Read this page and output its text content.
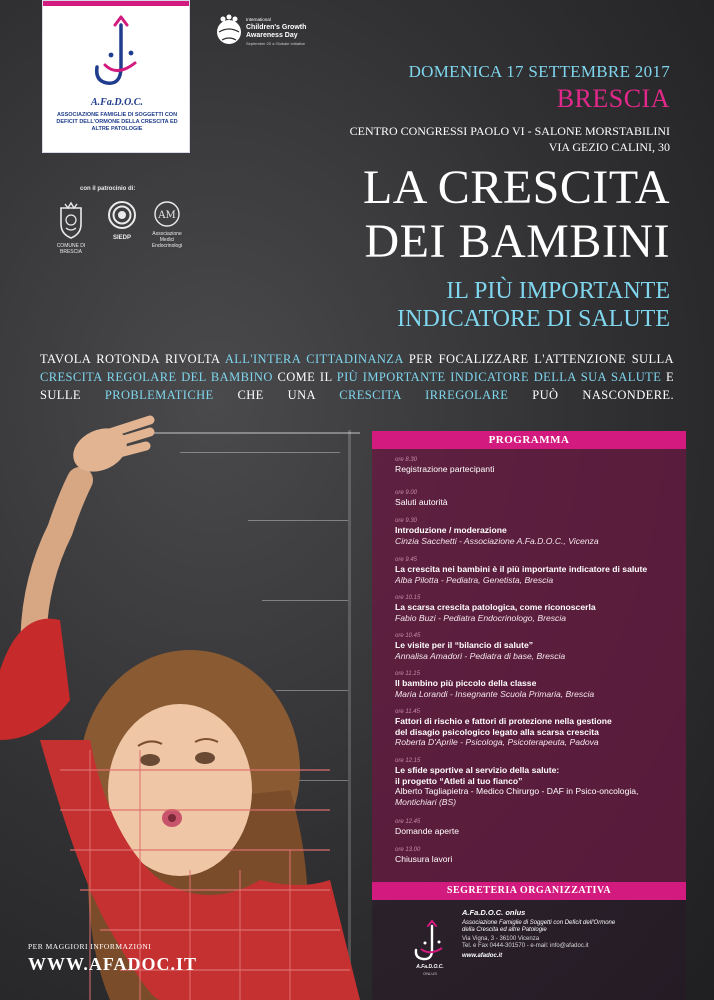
A.Fa.D.O.C.
ASSOCIAZIONE FAMIGLIE DI SOGGETTI CON DEFICIT DELL'ORMONE DELLA CRESCITA ED ALTRE PATOLOGIE
con il patrocinio di:
COMUNE DI BRESCIA
SIEDP
AM
Associazione Medici Endocrinologi
International
Children's Growth
Awareness Day
September 20 a Globale Initiative
DOMENICA 17 SETTEMBRE 2017
BRESCIA
CENTRO CONGRESSI PAOLO VI - SALONE MORSTABILINI
VIA GEZIO CALINI, 30
LA CRESCITA
DEI BAMBINI
IL PIÙ IMPORTANTE
INDICATORE DI SALUTE
TAVOLA ROTONDA RIVOLTA ALL'INTERA CITTADINANZA PER FOCALIZZARE L'ATTENZIONE SULLA CRESCITA REGOLARE DEL BAMBINO COME IL PIÙ IMPORTANTE INDICATORE DELLA SUA SALUTE E SULLE PROBLEMATICHE CHE UNA CRESCITA IRREGOLARE PUÒ NASCONDERE.
PROGRAMMA
ore 8.30
Registrazione partecipanti
ore 9.00
Saluti autorità
ore 9.30
Introduzione / moderazione
Cinzia Sacchetti - Associazione A.Fa.D.O.C., Vicenza
ore 9.45
La crescita nei bambini è il più importante indicatore di salute
Alba Pilotta - Pediatra, Genetista, Brescia
ore 10.15
La scarsa crescita patologica, come riconoscerla
Fabio Buzi - Pediatra Endocrinologo, Brescia
ore 10.45
Le visite per il “bilancio di salute”
Annalisa Amadori - Pediatra di base, Brescia
ore 11.15
Il bambino più piccolo della classe
Maria Lorandi - Insegnante Scuola Primaria, Brescia
ore 11.45
Fattori di rischio e fattori di protezione nella gestione
del disagio psicologico legato alla scarsa crescita
Roberta D'Aprile - Psicologa, Psicoterapeuta, Padova
ore 12.15
Le sfide sportive al servizio della salute:
il progetto “Atleti al tuo fianco”
Alberto Tagliapietra - Medico Chirurgo - DAF in Psico-oncologia,
Montichiari (BS)
ore 12.45
Domande aperte
ore 13.00
Chiusura lavori
SEGRETERIA ORGANIZZATIVA
A.Fa.D.O.C.
ONLUS
A.Fa.D.O.C. onlus
Associazione Famiglie di Soggetti con Deficit dell'Ormone
della Crescita ed altre Patologie
Via Vigna, 3 - 36100 Vicenza
Tel. e Fax 0444-301570 - e-mail: info@afadoc.it
www.afadoc.it
PER MAGGIORI INFORMAZIONI
WWW.AFADOC.IT
